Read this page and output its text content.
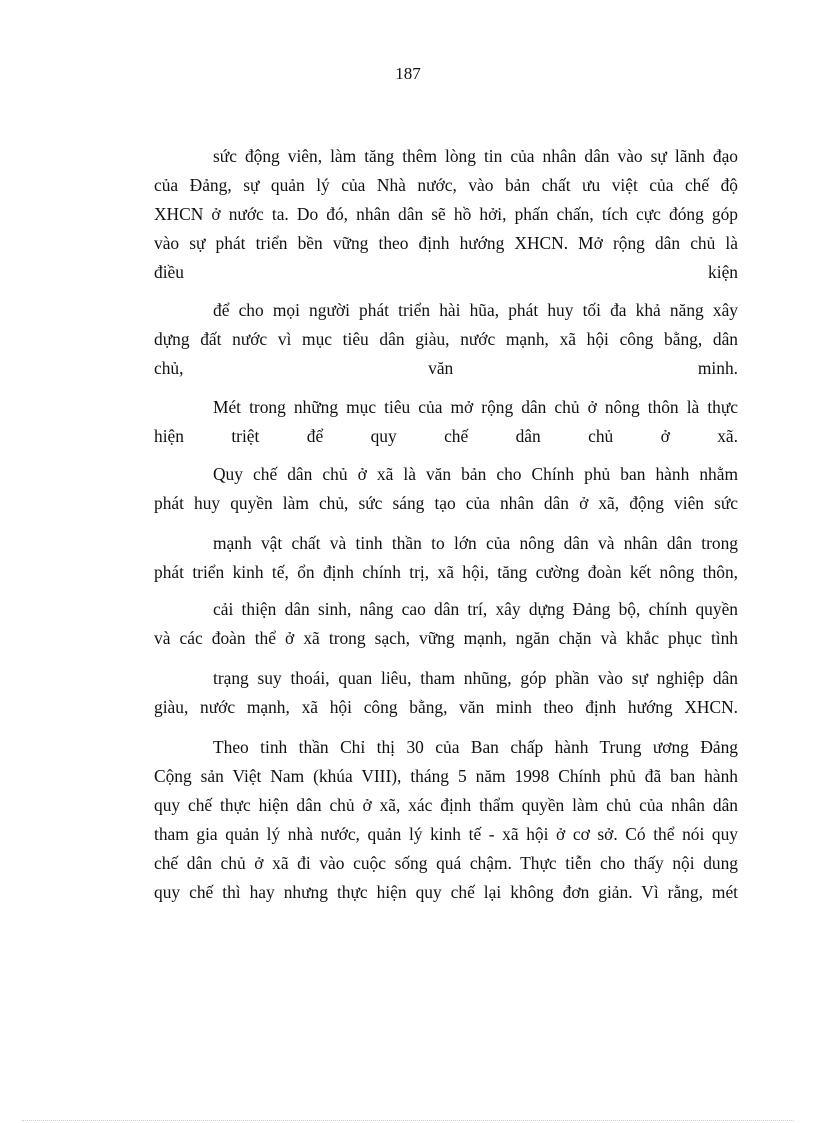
187
sức động viên, làm tăng thêm lòng tin của nhân dân vào sự lãnh đạo
của Đảng, sự quản lý của Nhà nước, vào bản chất ưu việt của chế độ
XHCN ở nước ta. Do đó, nhân dân sẽ hồ hởi, phấn chấn, tích cực đóng góp
vào sự phát triển bền vững theo định hướng XHCN. Mở rộng dân chủ là
điều kiện
để cho mọi người phát triển hài hũa, phát huy tối đa khả năng xây
dựng đất nước vì mục tiêu dân giàu, nước mạnh, xã hội công bằng, dân
chủ, văn minh.
Mét trong những mục tiêu của mở rộng dân chủ ở nông thôn là thực
hiện triệt để quy chế dân chủ ở xã.
Quy chế dân chủ ở xã là văn bản cho Chính phủ ban hành nhằm
phát huy quyền làm chủ, sức sáng tạo của nhân dân ở xã, động viên sức
mạnh vật chất và tinh thần to lớn của nông dân và nhân dân trong
phát triển kinh tế, ổn định chính trị, xã hội, tăng cường đoàn kết nông thôn,
cải thiện dân sinh, nâng cao dân trí, xây dựng Đảng bộ, chính quyền
và các đoàn thể ở xã trong sạch, vững mạnh, ngăn chặn và khắc phục tình
trạng suy thoái, quan liêu, tham nhũng, góp phần vào sự nghiệp dân
giàu, nước mạnh, xã hội công bằng, văn minh theo định hướng XHCN.
Theo tinh thần Chỉ thị 30 của Ban chấp hành Trung ương Đảng
Cộng sản Việt Nam (khúa VIII), tháng 5 năm 1998 Chính phủ đã ban hành
quy chế thực hiện dân chủ ở xã, xác định thẩm quyền làm chủ của nhân dân
tham gia quản lý nhà nước, quản lý kinh tế - xã hội ở cơ sở. Có thể nói quy
chế dân chủ ở xã đi vào cuộc sống quá chậm. Thực tiễn cho thấy nội dung
quy chế thì hay nhưng thực hiện quy chế lại không đơn giản. Vì rằng, mét
